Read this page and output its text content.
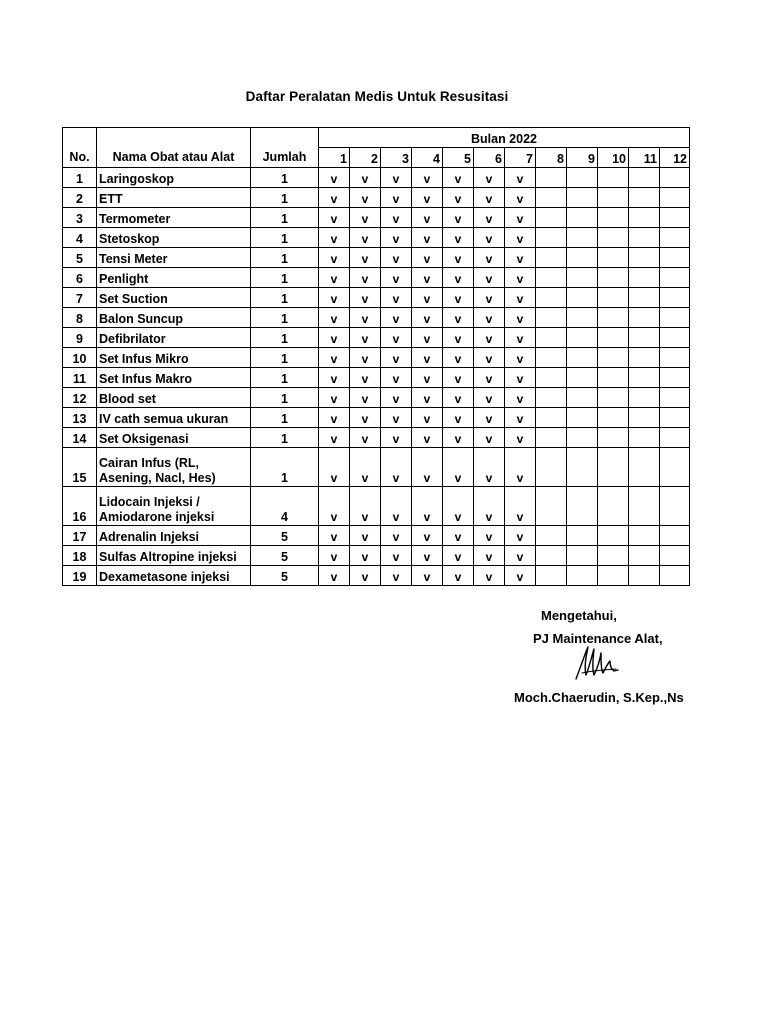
Daftar Peralatan Medis Untuk Resusitasi
No.	Nama Obat atau Alat	Jumlah	Bulan 2022											
			1	2	3	4	5	6	7	8	9	10	11	12
1	Laringoskop	1	v	v	v	v	v	v	v					
2	ETT	1	v	v	v	v	v	v	v					
3	Termometer	1	v	v	v	v	v	v	v					
4	Stetoskop	1	v	v	v	v	v	v	v					
5	Tensi Meter	1	v	v	v	v	v	v	v					
6	Penlight	1	v	v	v	v	v	v	v					
7	Set Suction	1	v	v	v	v	v	v	v					
8	Balon Suncup	1	v	v	v	v	v	v	v					
9	Defibrilator	1	v	v	v	v	v	v	v					
10	Set Infus Mikro	1	v	v	v	v	v	v	v					
11	Set Infus Makro	1	v	v	v	v	v	v	v					
12	Blood set	1	v	v	v	v	v	v	v					
13	IV cath semua ukuran	1	v	v	v	v	v	v	v					
14	Set Oksigenasi	1	v	v	v	v	v	v	v					
15	Cairan Infus (RL, Asening, Nacl, Hes)	1	v	v	v	v	v	v	v					
16	Lidocain Injeksi / Amiodarone injeksi	4	v	v	v	v	v	v	v					
17	Adrenalin Injeksi	5	v	v	v	v	v	v	v					
18	Sulfas Altropine injeksi	5	v	v	v	v	v	v	v					
19	Dexametasone injeksi	5	v	v	v	v	v	v	v					
Mengetahui,
PJ Maintenance Alat,
Moch.Chaerudin, S.Kep.,Ns
